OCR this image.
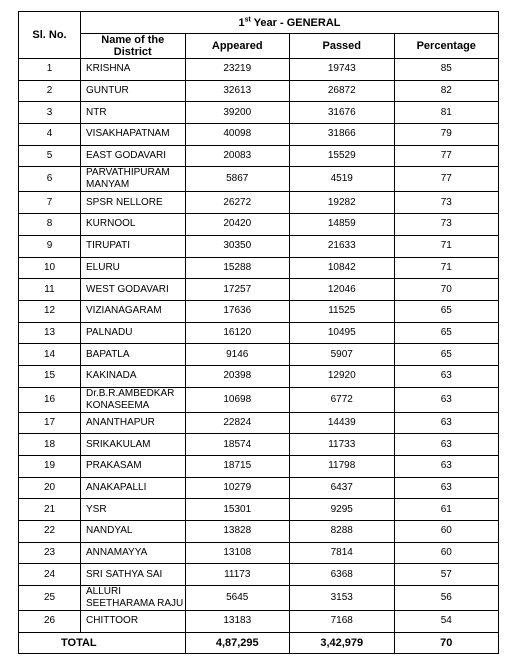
Sl. No.	1st Year - GENERAL			
	Name of the District	Appeared	Passed	Percentage
1	KRISHNA	23219	19743	85
2	GUNTUR	32613	26872	82
3	NTR	39200	31676	81
4	VISAKHAPATNAM	40098	31866	79
5	EAST GODAVARI	20083	15529	77
6	PARVATHIPURAM MANYAM	5867	4519	77
7	SPSR NELLORE	26272	19282	73
8	KURNOOL	20420	14859	73
9	TIRUPATI	30350	21633	71
10	ELURU	15288	10842	71
11	WEST GODAVARI	17257	12046	70
12	VIZIANAGARAM	17636	11525	65
13	PALNADU	16120	10495	65
14	BAPATLA	9146	5907	65
15	KAKINADA	20398	12920	63
16	Dr.B.R.AMBEDKAR KONASEEMA	10698	6772	63
17	ANANTHAPUR	22824	14439	63
18	SRIKAKULAM	18574	11733	63
19	PRAKASAM	18715	11798	63
20	ANAKAPALLI	10279	6437	63
21	YSR	15301	9295	61
22	NANDYAL	13828	8288	60
23	ANNAMAYYA	13108	7814	60
24	SRI SATHYA SAI	11173	6368	57
25	ALLURI SEETHARAMA RAJU	5645	3153	56
26	CHITTOOR	13183	7168	54
TOTAL		4,87,295	3,42,979	70
